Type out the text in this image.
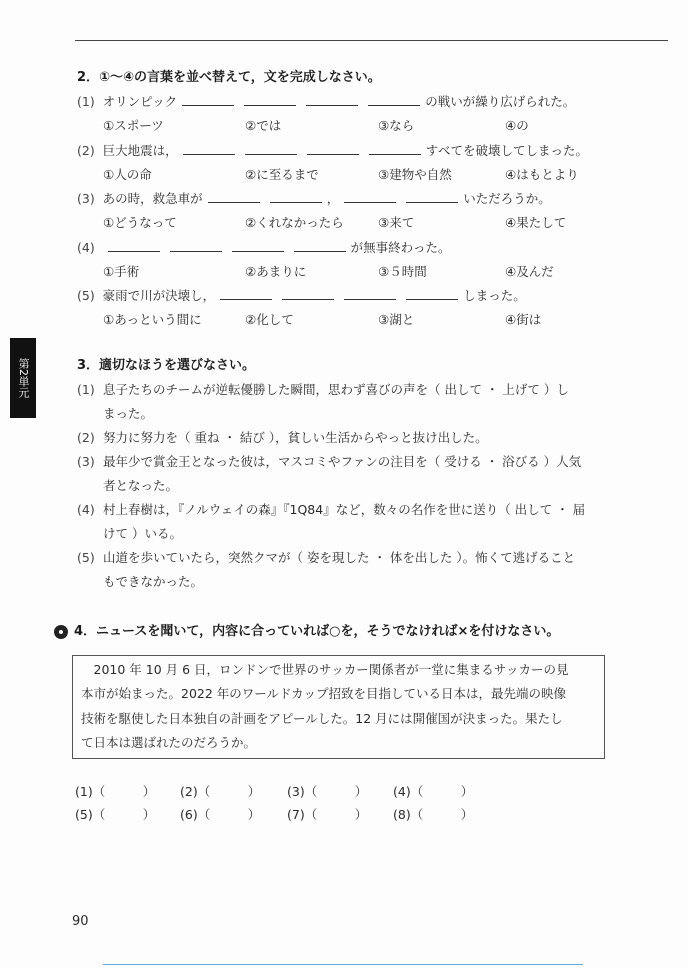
第2単元
2．①〜④の言葉を並べ替えて，文を完成しなさい。
(1) オリンピック	の戦いが繰り広げられた。
①スポーツ	②では	③なら	④の
(2) 巨大地震は，	すべてを破壊してしまった。
①人の命	②に至るまで	③建物や自然	④はもとより
(3) あの時，救急車が	，	いただろうか。
①どうなって	②くれなかったら	③来て	④果たして
(4)	が無事終わった。
①手術	②あまりに	③５時間	④及んだ
(5) 豪雨で川が決壊し，	しまった。
①あっという間に	②化して	③湖と	④街は
3．適切なほうを選びなさい。
(1) 息子たちのチームが逆転優勝した瞬間，思わず喜びの声を（ 出して ・ 上げて ）し
まった。
(2) 努力に努力を（ 重ね ・ 結び ），貧しい生活からやっと抜け出した。
(3) 最年少で賞金王となった彼は，マスコミやファンの注目を（ 受ける ・ 浴びる ）人気
者となった。
(4) 村上春樹は，『ノルウェイの森』『1Q84』など，数々の名作を世に送り（ 出して ・ 届
けて ）いる。
(5) 山道を歩いていたら，突然クマが（ 姿を現した ・ 体を出した ）。怖くて逃げること
もできなかった。
4．ニュースを聞いて，内容に合っていれば○を，そうでなければ×を付けなさい。
　2010 年 10 月 6 日，ロンドンで世界のサッカー関係者が一堂に集まるサッカーの見
本市が始まった。2022 年のワールドカップ招致を目指している日本は，最先端の映像
技術を駆使した日本独自の計画をアピールした。12 月には開催国が決まった。果たし
て日本は選ばれたのだろうか。
(1)（　　　） (2)（　　　） (3)（　　　） (4)（　　　）
(5)（　　　） (6)（　　　） (7)（　　　） (8)（　　　）
90
